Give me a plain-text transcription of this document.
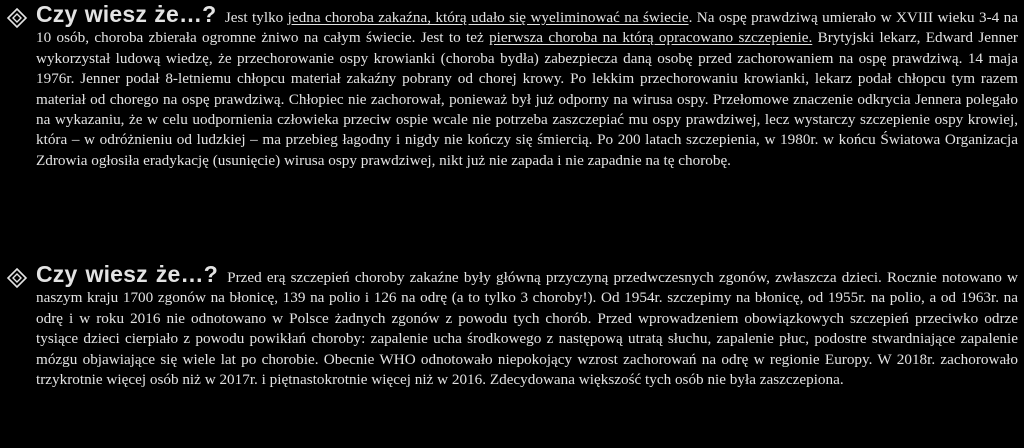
Czy wiesz że…? Jest tylko jedna choroba zakaźna, którą udało się wyeliminować na świecie. Na ospę prawdziwą umierało w XVIII wieku 3-4 na 10 osób, choroba zbierała ogromne żniwo na całym świecie. Jest to też pierwsza choroba na którą opracowano szczepienie. Brytyjski lekarz, Edward Jenner wykorzystał ludową wiedzę, że przechorowanie ospy krowianki (choroba bydła) zabezpiecza daną osobę przed zachorowaniem na ospę prawdziwą. 14 maja 1976r. Jenner podał 8-letniemu chłopcu materiał zakaźny pobrany od chorej krowy. Po lekkim przechorowaniu krowianki, lekarz podał chłopcu tym razem materiał od chorego na ospę prawdziwą. Chłopiec nie zachorował, ponieważ był już odporny na wirusa ospy. Przełomowe znaczenie odkrycia Jennera polegało na wykazaniu, że w celu uodpornienia człowieka przeciw ospie wcale nie potrzeba zaszczepiać mu ospy prawdziwej, lecz wystarczy szczepienie ospy krowiej, która – w odróżnieniu od ludzkiej – ma przebieg łagodny i nigdy nie kończy się śmiercią. Po 200 latach szczepienia, w 1980r. w końcu Światowa Organizacja Zdrowia ogłosiła eradykację (usunięcie) wirusa ospy prawdziwej, nikt już nie zapada i nie zapadnie na tę chorobę.
Czy wiesz że…? Przed erą szczepień choroby zakaźne były główną przyczyną przedwczesnych zgonów, zwłaszcza dzieci. Rocznie notowano w naszym kraju 1700 zgonów na błonicę, 139 na polio i 126 na odrę (a to tylko 3 choroby!). Od 1954r. szczepimy na błonicę, od 1955r. na polio, a od 1963r. na odrę i w roku 2016 nie odnotowano w Polsce żadnych zgonów z powodu tych chorób. Przed wprowadzeniem obowiązkowych szczepień przeciwko odrze tysiące dzieci cierpiało z powodu powikłań choroby: zapalenie ucha środkowego z następową utratą słuchu, zapalenie płuc, podostre stwardniające zapalenie mózgu objawiające się wiele lat po chorobie. Obecnie WHO odnotowało niepokojący wzrost zachorowań na odrę w regionie Europy. W 2018r. zachorowało trzykrotnie więcej osób niż w 2017r. i piętnastokrotnie więcej niż w 2016. Zdecydowana większość tych osób nie była zaszczepiona.
